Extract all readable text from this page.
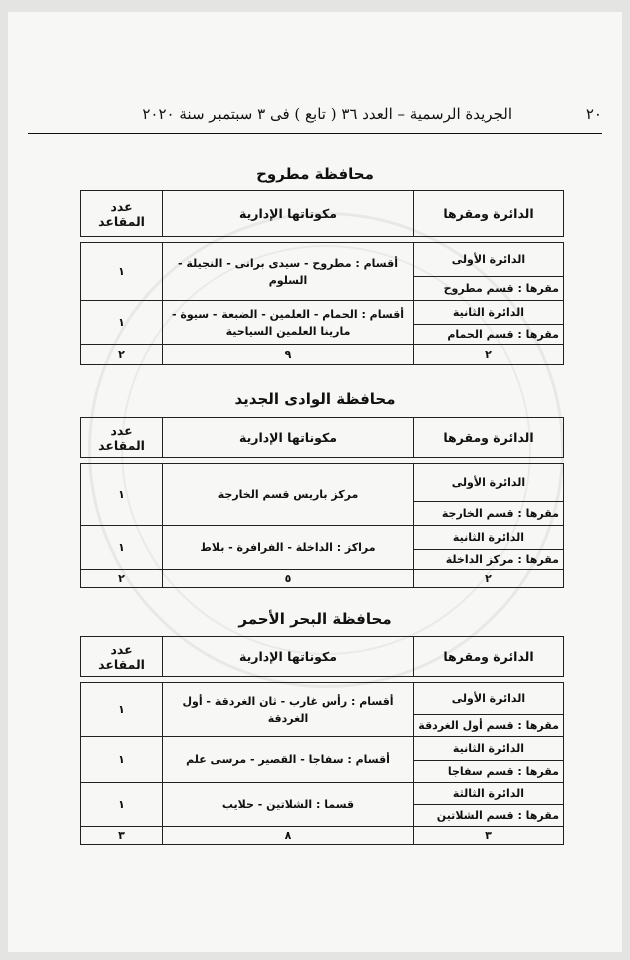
٢٠
الجريدة الرسمية – العدد ٣٦ ( تابع ) فى ٣ سبتمبر سنة ٢٠٢٠
محافظة مطروح
الدائرة ومقرها	مكوناتها الإدارية	عدد المقاعد

الدائرة الأولى	أقسام : مطروح - سيدى برانى - النجيلة - السلوم	١
مقرها : قسم مطروح		
الدائرة الثانية	أقسام : الحمام - العلمين - الضبعة - سيوة - مارينا العلمين السياحية	١
مقرها : قسم الحمام		
٢	٩	٢
محافظة الوادى الجديد
الدائرة ومقرها	مكوناتها الإدارية	عدد المقاعد

الدائرة الأولى	مركز باريس قسم الخارجة	١
مقرها : قسم الخارجة		
الدائرة الثانية	مراكز : الداخلة - الفرافرة - بلاط	١
مقرها : مركز الداخلة		
٢	٥	٢
محافظة البحر الأحمر
الدائرة ومقرها	مكوناتها الإدارية	عدد المقاعد

الدائرة الأولى	أقسام : رأس غارب - ثان الغردقة - أول الغردقة	١
مقرها : قسم أول الغردقة		
الدائرة الثانية	أقسام : سفاجا - القصير - مرسى علم	١
مقرها : قسم سفاجا		
الدائرة الثالثة	قسما : الشلاتين - حلايب	١
مقرها : قسم الشلاتين		
٣	٨	٣
